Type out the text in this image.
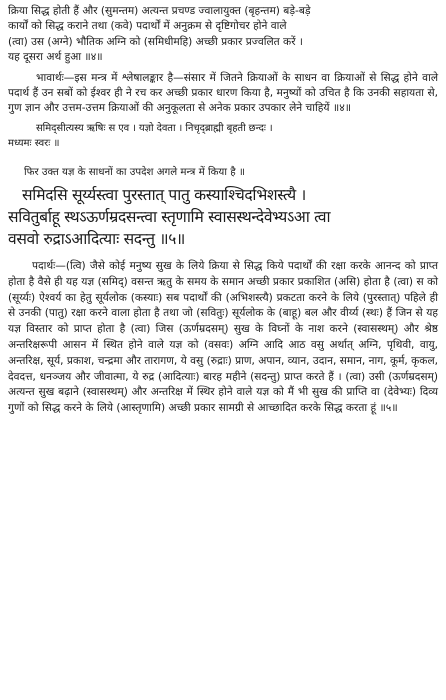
क्रिया सिद्ध होती हैं और (सुमन्तम) अत्यन्त प्रचण्ड ज्वालायुक्त (बृहन्तम) बड़े-बड़े
कार्यों को सिद्ध कराने तथा (कवे) पदार्थों में अनुक्रम से दृष्टिगोचर होने वाले
(त्वा) उस (अग्ने) भौतिक अग्नि को (समिधीमहि) अच्छी प्रकार प्रज्वलित करें ।
यह दूसरा अर्थ हुआ ॥४॥

भावार्थः—इस मन्त्र में श्लेषालङ्कार है—संसार में जितने क्रियाओं के साधन वा क्रियाओं से सिद्ध होने वाले पदार्थ हैं उन सबों को ईश्वर ही ने रच कर अच्छी प्रकार धारण किया है, मनुष्यों को उचित है कि उनकी सहायता से, गुण ज्ञान और उत्तम-उत्तम क्रियाओं की अनुकूलता से अनेक प्रकार उपकार लेने चाहियें ॥४॥

समिद्सीत्यस्य ऋषिः स एव । यज्ञो देवता । निचृद्ब्राह्मी बृहती छन्दः ।
मध्यमः स्वरः ॥
फिर उक्त यज्ञ के साधनों का उपदेश अगले मन्त्र में किया है ॥
समिदसि सूर्य्यस्त्वा पुरस्तात् पातु कस्याश्चिदभिशस्त्यै ।
सवितुर्बाहू स्थऽऊर्णम्रदसन्त्वा स्तृणामि स्वासस्थन्देवेभ्यऽआ त्वा
वसवो रुद्राऽआदित्याः सदन्तु ॥५॥

पदार्थः—(त्वि) जैसे कोई मनुष्य सुख के लिये क्रिया से सिद्ध किये पदार्थों की रक्षा करके आनन्द को प्राप्त होता है वैसे ही यह यज्ञ (समिद्) वसन्त ऋतु के समय के समान अच्छी प्रकार प्रकाशित (असि) होता है (त्वा) स को (सूर्य्यः) ऐश्वर्य का हेतु सूर्यलोक (कस्याः) सब पदार्थों की (अभिशस्त्यै) प्रकटता करने के लिये (पुरस्तात्) पहिले ही से उनकी (पातु) रक्षा करने वाला होता है तथा जो (सवितुः) सूर्यलोक के (बाहू) बल और वीर्य्य (स्थः) हैं जिन से यह यज्ञ विस्तार को प्राप्त होता है (त्वा) जिस (ऊर्णम्रदसम्) सुख के विघ्नों के नाश करने (स्वासस्थम्) और श्रेष्ठ अन्तरिक्षरूपी आसन में स्थित होने वाले यज्ञ को (वसवः) अग्नि आदि आठ वसु अर्थात् अग्नि, पृथिवी, वायु, अन्तरिक्ष, सूर्य, प्रकाश, चन्द्रमा और तारागण, ये वसु (रुद्राः) प्राण, अपान, व्यान, उदान, समान, नाग, कूर्म, कृकल, देवदत्त, धनञ्जय और जीवात्मा, ये रुद्र (आदित्याः) बारह महीने (सदन्तु) प्राप्त करते हैं । (त्वा) उसी (ऊर्णम्रदसम्) अत्यन्त सुख बढ़ाने (स्वासस्थम्) और अन्तरिक्ष में स्थिर होने वाले यज्ञ को मैं भी सुख की प्राप्ति वा (देवेभ्यः) दिव्य गुणों को सिद्ध करने के लिये (आस्तृणामि) अच्छी प्रकार सामग्री से आच्छादित करके सिद्ध करता हूं ॥५॥
